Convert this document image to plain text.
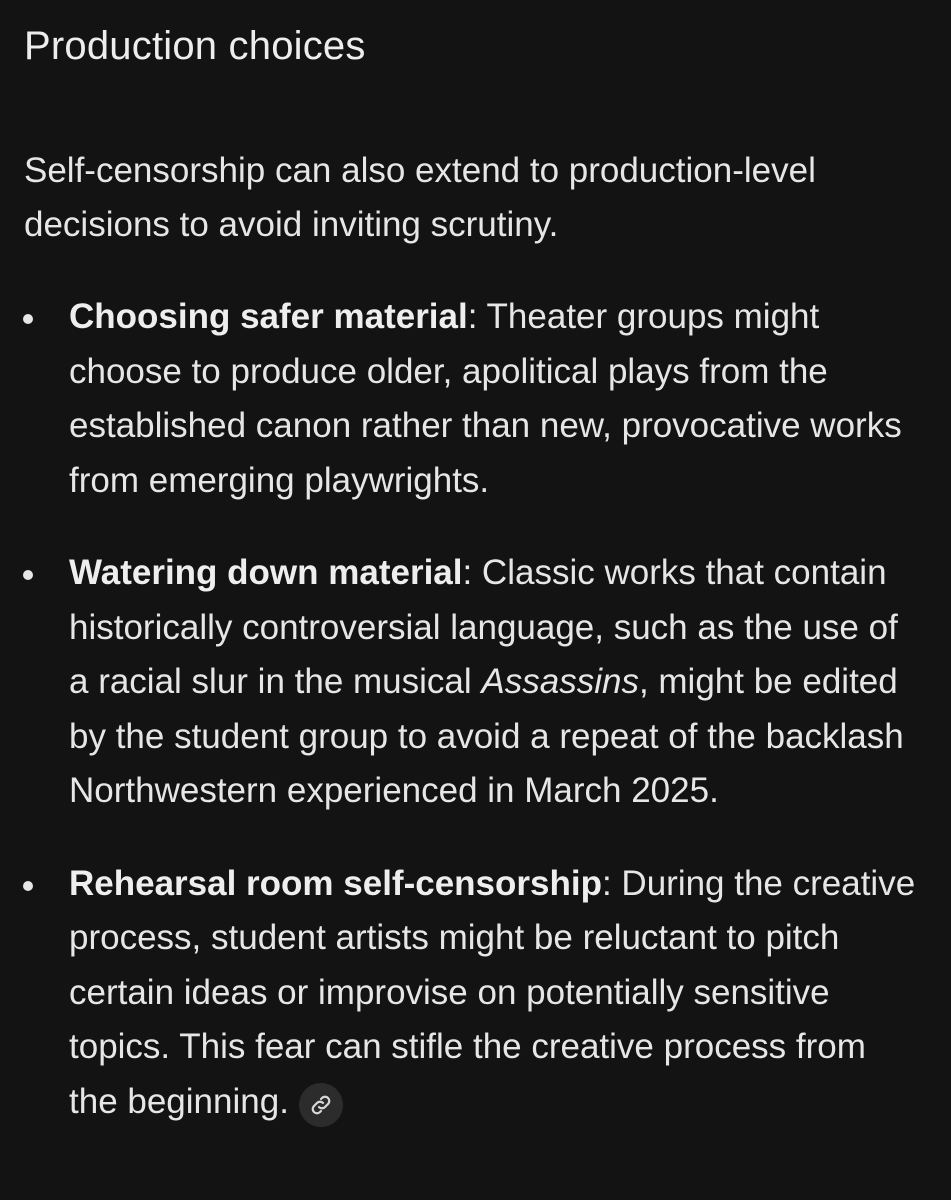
Production choices

Self-censorship can also extend to production-level decisions to avoid inviting scrutiny.

Choosing safer material: Theater groups might choose to produce older, apolitical plays from the established canon rather than new, provocative works from emerging playwrights.
Watering down material: Classic works that contain historically controversial language, such as the use of a racial slur in the musical Assassins, might be edited by the student group to avoid a repeat of the backlash Northwestern experienced in March 2025.
Rehearsal room self-censorship: During the creative process, student artists might be reluctant to pitch certain ideas or improvise on potentially sensitive topics. This fear can stifle the creative process from the beginning.
